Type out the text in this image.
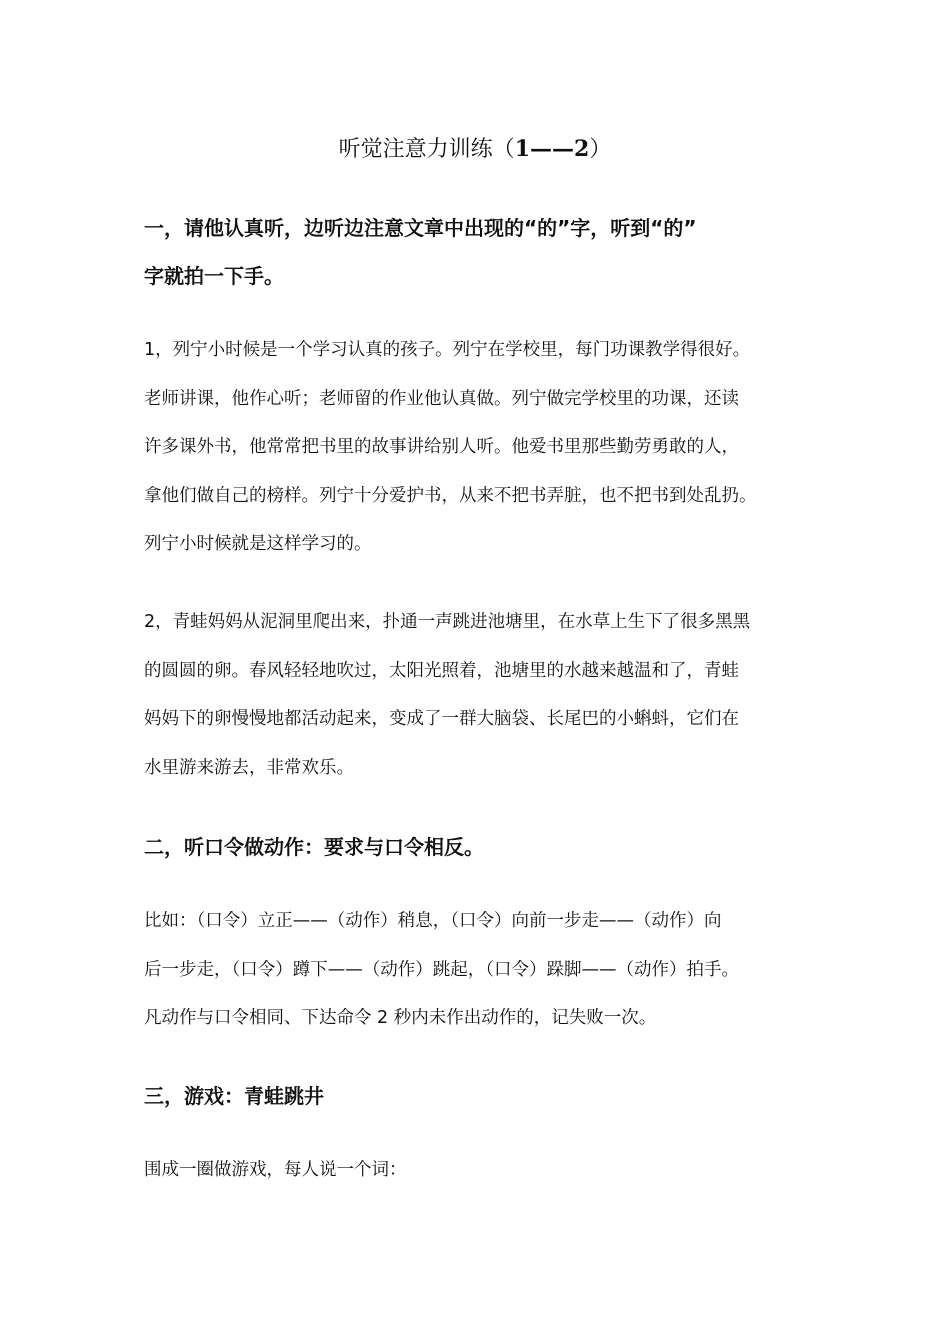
听觉注意力训练（1——2）
一，请他认真听，边听边注意文章中出现的“的”字，听到“的”
字就拍一下手。
1，列宁小时候是一个学习认真的孩子。列宁在学校里，每门功课教学得很好。
老师讲课，他作心听；老师留的作业他认真做。列宁做完学校里的功课，还读
许多课外书，他常常把书里的故事讲给别人听。他爱书里那些勤劳勇敢的人，
拿他们做自己的榜样。列宁十分爱护书，从来不把书弄脏，也不把书到处乱扔。
列宁小时候就是这样学习的。
2，青蛙妈妈从泥洞里爬出来，扑通一声跳进池塘里，在水草上生下了很多黑黑
的圆圆的卵。春风轻轻地吹过，太阳光照着，池塘里的水越来越温和了，青蛙
妈妈下的卵慢慢地都活动起来，变成了一群大脑袋、长尾巴的小蝌蚪，它们在
水里游来游去，非常欢乐。
二，听口令做动作：要求与口令相反。
比如：（口令）立正——（动作）稍息，（口令）向前一步走——（动作）向
后一步走，（口令）蹲下——（动作）跳起，（口令）跺脚——（动作）拍手。
凡动作与口令相同、下达命令 2 秒内未作出动作的，记失败一次。
三，游戏：青蛙跳井
围成一圈做游戏，每人说一个词：
